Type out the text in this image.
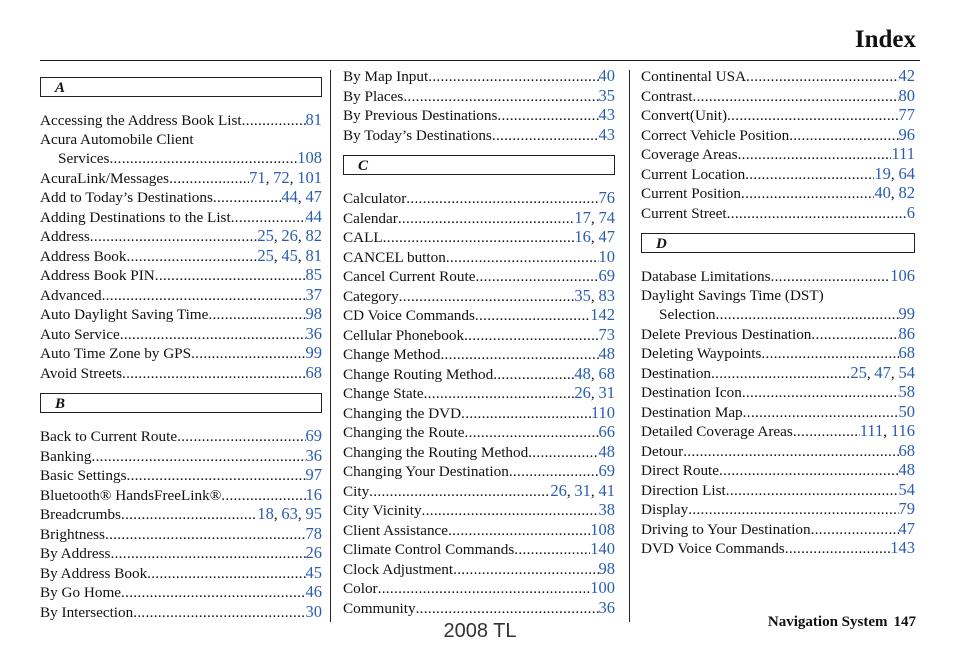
Index
A
Accessing the Address Book List .....	81
Acura Automobile Client
Services .....	108
AcuraLink/Messages .....	71, 72, 101
Add to Today’s Destinations .....	44, 47
Adding Destinations to the List .....	44
Address .....	25, 26, 82
Address Book .....	25, 45, 81
Address Book PIN .....	85
Advanced .....	37
Auto Daylight Saving Time .....	98
Auto Service .....	36
Auto Time Zone by GPS .....	99
Avoid Streets .....	68
B
Back to Current Route .....	69
Banking .....	36
Basic Settings .....	97
Bluetooth® HandsFreeLink® .....	16
Breadcrumbs .....	18, 63, 95
Brightness .....	78
By Address .....	26
By Address Book .....	45
By Go Home .....	46
By Intersection .....	30
By Map Input .....	40
By Places .....	35
By Previous Destinations .....	43
By Today’s Destinations .....	43
C
Calculator .....	76
Calendar .....	17, 74
CALL .....	16, 47
CANCEL button .....	10
Cancel Current Route .....	69
Category .....	35, 83
CD Voice Commands .....	142
Cellular Phonebook .....	73
Change Method .....	48
Change Routing Method .....	48, 68
Change State .....	26, 31
Changing the DVD .....	110
Changing the Route .....	66
Changing the Routing Method .....	48
Changing Your Destination .....	69
City .....	26, 31, 41
City Vicinity .....	38
Client Assistance .....	108
Climate Control Commands .....	140
Clock Adjustment .....	98
Color .....	100
Community .....	36
Continental USA .....	42
Contrast .....	80
Convert(Unit) .....	77
Correct Vehicle Position .....	96
Coverage Areas .....	111
Current Location .....	19, 64
Current Position .....	40, 82
Current Street .....	6
D
Database Limitations .....	106
Daylight Savings Time (DST)
Selection .....	99
Delete Previous Destination .....	86
Deleting Waypoints .....	68
Destination .....	25, 47, 54
Destination Icon .....	58
Destination Map .....	50
Detailed Coverage Areas .....	111, 116
Detour .....	68
Direct Route .....	48
Direction List .....	54
Display .....	79
Driving to Your Destination .....	47
DVD Voice Commands .....	143
Navigation System 147
2008 TL
